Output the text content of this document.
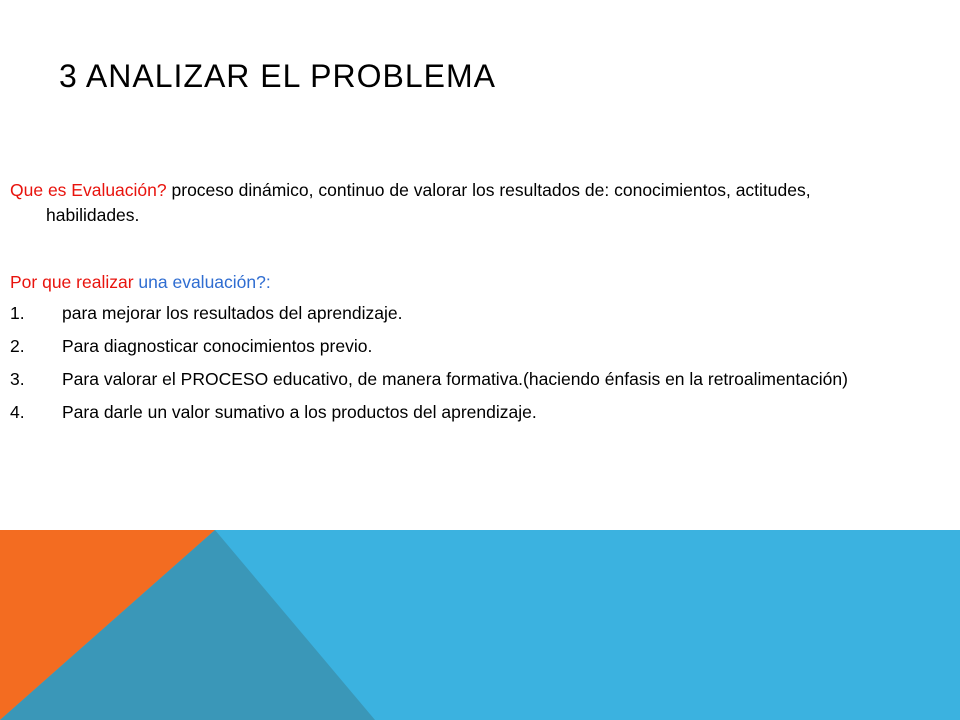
3 ANALIZAR EL PROBLEMA

Que es Evaluación? proceso dinámico, continuo de valorar los resultados de: conocimientos, actitudes, habilidades.

Por que realizar una evaluación?:

1. para mejorar los resultados del aprendizaje.
2. Para diagnosticar conocimientos previo.
3. Para valorar el PROCESO educativo, de manera formativa.(haciendo énfasis en la retroalimentación)
4. Para darle un valor sumativo a los productos del aprendizaje.
